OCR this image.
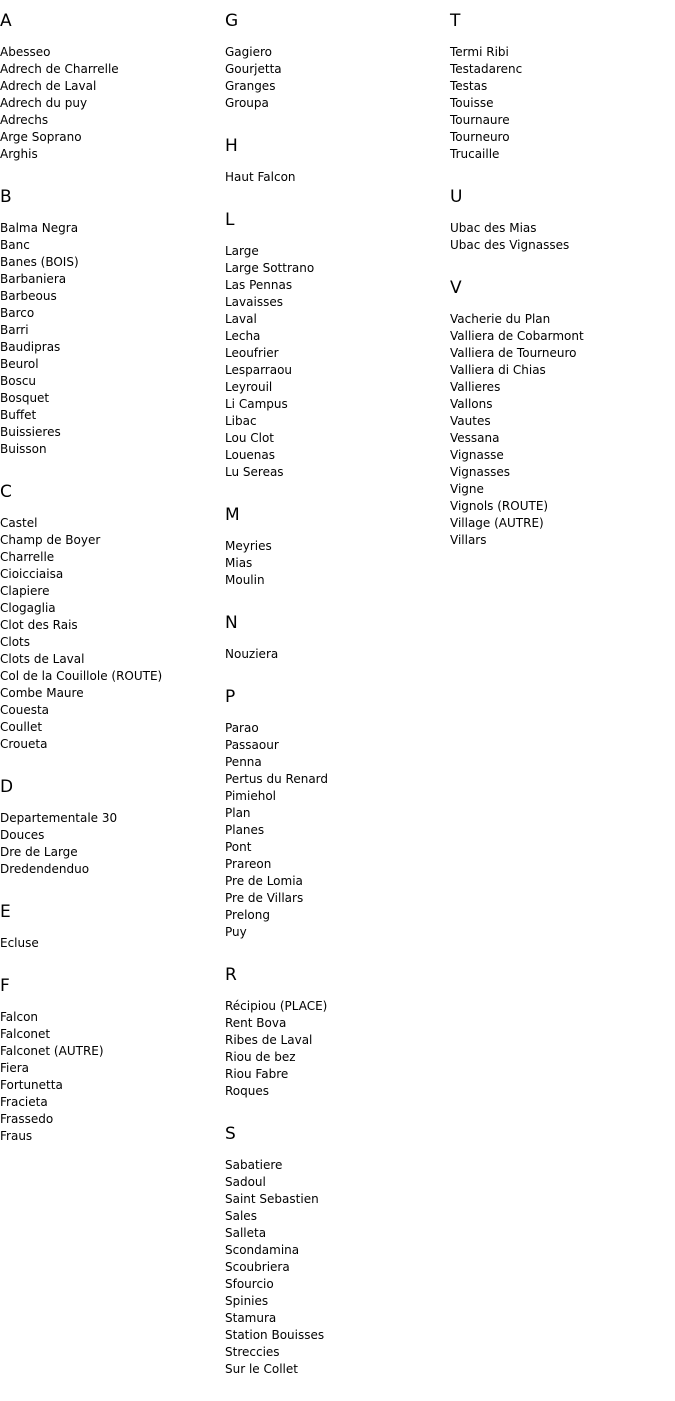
A
Abesseo
Adrech de Charrelle
Adrech de Laval
Adrech du puy
Adrechs
Arge Soprano
Arghis
B
Balma Negra
Banc
Banes (BOIS)
Barbaniera
Barbeous
Barco
Barri
Baudipras
Beurol
Boscu
Bosquet
Buffet
Buissieres
Buisson
C
Castel
Champ de Boyer
Charrelle
Cioicciaisa
Clapiere
Clogaglia
Clot des Rais
Clots
Clots de Laval
Col de la Couillole (ROUTE)
Combe Maure
Couesta
Coullet
Croueta
D
Departementale 30
Douces
Dre de Large
Dredendenduo
E
Ecluse
F
Falcon
Falconet
Falconet (AUTRE)
Fiera
Fortunetta
Fracieta
Frassedo
Fraus
G
Gagiero
Gourjetta
Granges
Groupa
H
Haut Falcon
L
Large
Large Sottrano
Las Pennas
Lavaisses
Laval
Lecha
Leoufrier
Lesparraou
Leyrouil
Li Campus
Libac
Lou Clot
Louenas
Lu Sereas
M
Meyries
Mias
Moulin
N
Nouziera
P
Parao
Passaour
Penna
Pertus du Renard
Pimiehol
Plan
Planes
Pont
Prareon
Pre de Lomia
Pre de Villars
Prelong
Puy
R
Récipiou (PLACE)
Rent Bova
Ribes de Laval
Riou de bez
Riou Fabre
Roques
S
Sabatiere
Sadoul
Saint Sebastien
Sales
Salleta
Scondamina
Scoubriera
Sfourcio
Spinies
Stamura
Station Bouisses
Streccies
Sur le Collet
T
Termi Ribi
Testadarenc
Testas
Touisse
Tournaure
Tourneuro
Trucaille
U
Ubac des Mias
Ubac des Vignasses
V
Vacherie du Plan
Valliera de Cobarmont
Valliera de Tourneuro
Valliera di Chias
Vallieres
Vallons
Vautes
Vessana
Vignasse
Vignasses
Vigne
Vignols (ROUTE)
Village (AUTRE)
Villars
